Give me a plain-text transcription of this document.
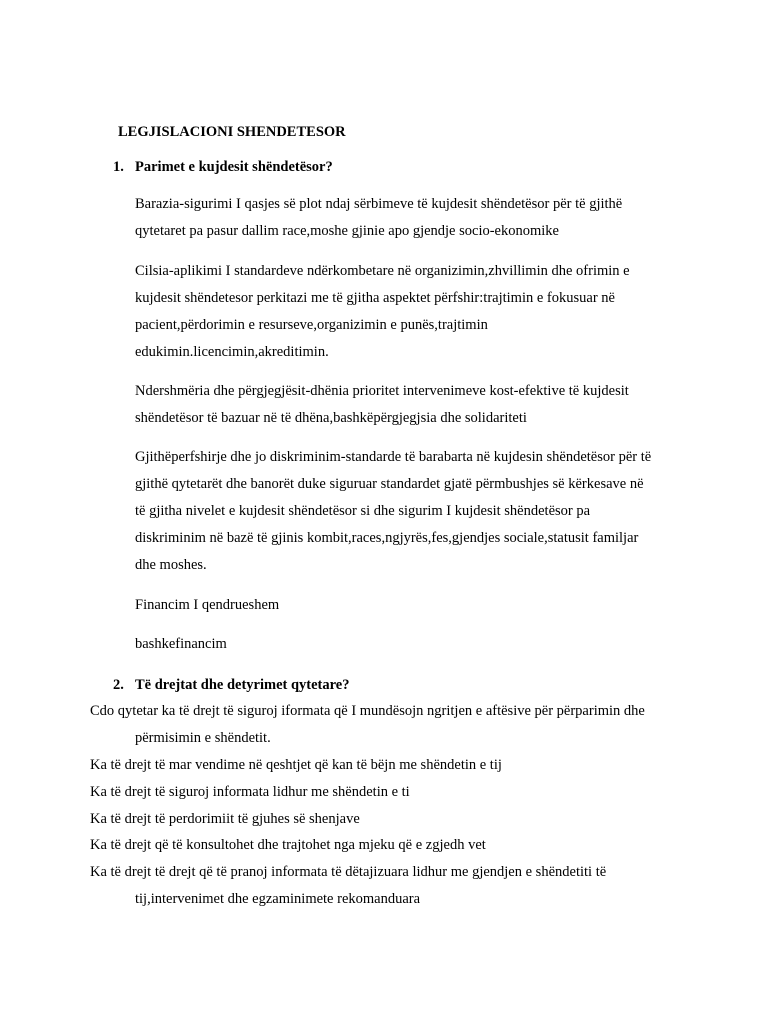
LEGJISLACIONI SHENDETESOR
1. Parimet e kujdesit shëndetësor?
Barazia-sigurimi I qasjes së plot ndaj sërbimeve të kujdesit shëndetësor për të gjithë
qytetaret pa pasur dallim race,moshe gjinie apo gjendje socio-ekonomike
Cilsia-aplikimi I standardeve ndërkombetare në organizimin,zhvillimin dhe ofrimin e
kujdesit shëndetesor perkitazi me të gjitha aspektet përfshir:trajtimin e fokusuar në
pacient,përdorimin e resurseve,organizimin e punës,trajtimin
edukimin.licencimin,akreditimin.
Ndershmëria dhe përgjegjësit-dhënia prioritet intervenimeve kost-efektive të kujdesit
shëndetësor të bazuar në të dhëna,bashkëpërgjegjsia dhe solidariteti
Gjithëperfshirje dhe jo diskriminim-standarde të barabarta në kujdesin shëndetësor për të
gjithë qytetarët dhe banorët duke siguruar standardet gjatë përmbushjes së kërkesave në
të gjitha nivelet e kujdesit shëndetësor si dhe sigurim I kujdesit shëndetësor pa
diskriminim në bazë të gjinis kombit,races,ngjyrës,fes,gjendjes sociale,statusit familjar
dhe moshes.
Financim I qendrueshem
bashkefinancim
2. Të drejtat dhe detyrimet qytetare?
Cdo qytetar ka të drejt të siguroj iformata që I mundësojn ngritjen e aftësive për përparimin dhe
përmisimin e shëndetit.
Ka të drejt të mar vendime në qeshtjet që kan të bëjn me shëndetin e tij
Ka të drejt të siguroj informata lidhur me shëndetin e ti
Ka të drejt të perdorimiit të gjuhes së shenjave
Ka të drejt që të konsultohet dhe trajtohet nga mjeku që e zgjedh vet
Ka të drejt të drejt që të pranoj informata të dëtajizuara lidhur me gjendjen e shëndetiti të
tij,intervenimet dhe egzaminimete rekomanduara
